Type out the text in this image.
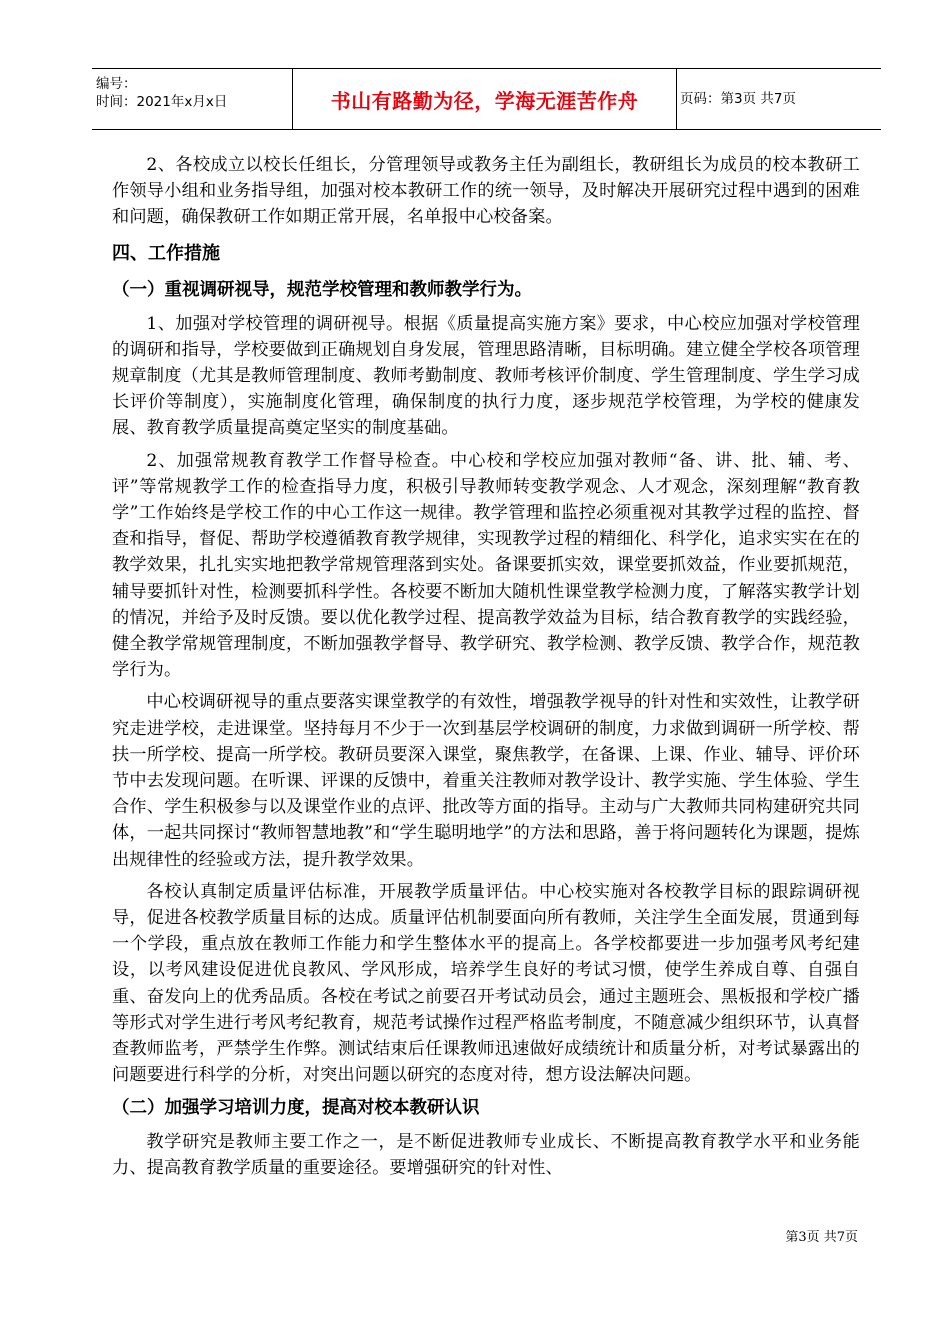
编号：
时间：2021年x月x日	书山有路勤为径，学海无涯苦作舟	页码：第3页 共7页

2、各校成立以校长任组长，分管理领导或教务主任为副组长，教研组长为成员的校本教研工作领导小组和业务指导组，加强对校本教研工作的统一领导，及时解决开展研究过程中遇到的困难和问题，确保教研工作如期正常开展，名单报中心校备案。

四、工作措施
（一）重视调研视导，规范学校管理和教师教学行为。

1、加强对学校管理的调研视导。根据《质量提高实施方案》要求，中心校应加强对学校管理的调研和指导，学校要做到正确规划自身发展，管理思路清晰，目标明确。建立健全学校各项管理规章制度（尤其是教师管理制度、教师考勤制度、教师考核评价制度、学生管理制度、学生学习成长评价等制度），实施制度化管理，确保制度的执行力度，逐步规范学校管理，为学校的健康发展、教育教学质量提高奠定坚实的制度基础。

2、加强常规教育教学工作督导检查。中心校和学校应加强对教师“备、讲、批、辅、考、评”等常规教学工作的检查指导力度，积极引导教师转变教学观念、人才观念，深刻理解“教育教学”工作始终是学校工作的中心工作这一规律。教学管理和监控必须重视对其教学过程的监控、督查和指导，督促、帮助学校遵循教育教学规律，实现教学过程的精细化、科学化，追求实实在在的教学效果，扎扎实实地把教学常规管理落到实处。备课要抓实效，课堂要抓效益，作业要抓规范，辅导要抓针对性，检测要抓科学性。各校要不断加大随机性课堂教学检测力度，了解落实教学计划的情况，并给予及时反馈。要以优化教学过程、提高教学效益为目标，结合教育教学的实践经验，健全教学常规管理制度，不断加强教学督导、教学研究、教学检测、教学反馈、教学合作，规范教学行为。

中心校调研视导的重点要落实课堂教学的有效性，增强教学视导的针对性和实效性，让教学研究走进学校，走进课堂。坚持每月不少于一次到基层学校调研的制度，力求做到调研一所学校、帮扶一所学校、提高一所学校。教研员要深入课堂，聚焦教学，在备课、上课、作业、辅导、评价环节中去发现问题。在听课、评课的反馈中，着重关注教师对教学设计、教学实施、学生体验、学生合作、学生积极参与以及课堂作业的点评、批改等方面的指导。主动与广大教师共同构建研究共同体，一起共同探讨“教师智慧地教”和“学生聪明地学”的方法和思路，善于将问题转化为课题，提炼出规律性的经验或方法，提升教学效果。

各校认真制定质量评估标准，开展教学质量评估。中心校实施对各校教学目标的跟踪调研视导，促进各校教学质量目标的达成。质量评估机制要面向所有教师，关注学生全面发展，贯通到每一个学段，重点放在教师工作能力和学生整体水平的提高上。各学校都要进一步加强考风考纪建设，以考风建设促进优良教风、学风形成，培养学生良好的考试习惯，使学生养成自尊、自强自重、奋发向上的优秀品质。各校在考试之前要召开考试动员会，通过主题班会、黑板报和学校广播等形式对学生进行考风考纪教育，规范考试操作过程严格监考制度，不随意减少组织环节，认真督查教师监考，严禁学生作弊。测试结束后任课教师迅速做好成绩统计和质量分析，对考试暴露出的问题要进行科学的分析，对突出问题以研究的态度对待，想方设法解决问题。

（二）加强学习培训力度，提高对校本教研认识

教学研究是教师主要工作之一，是不断促进教师专业成长、不断提高教育教学水平和业务能力、提高教育教学质量的重要途径。要增强研究的针对性、

第3页 共7页
